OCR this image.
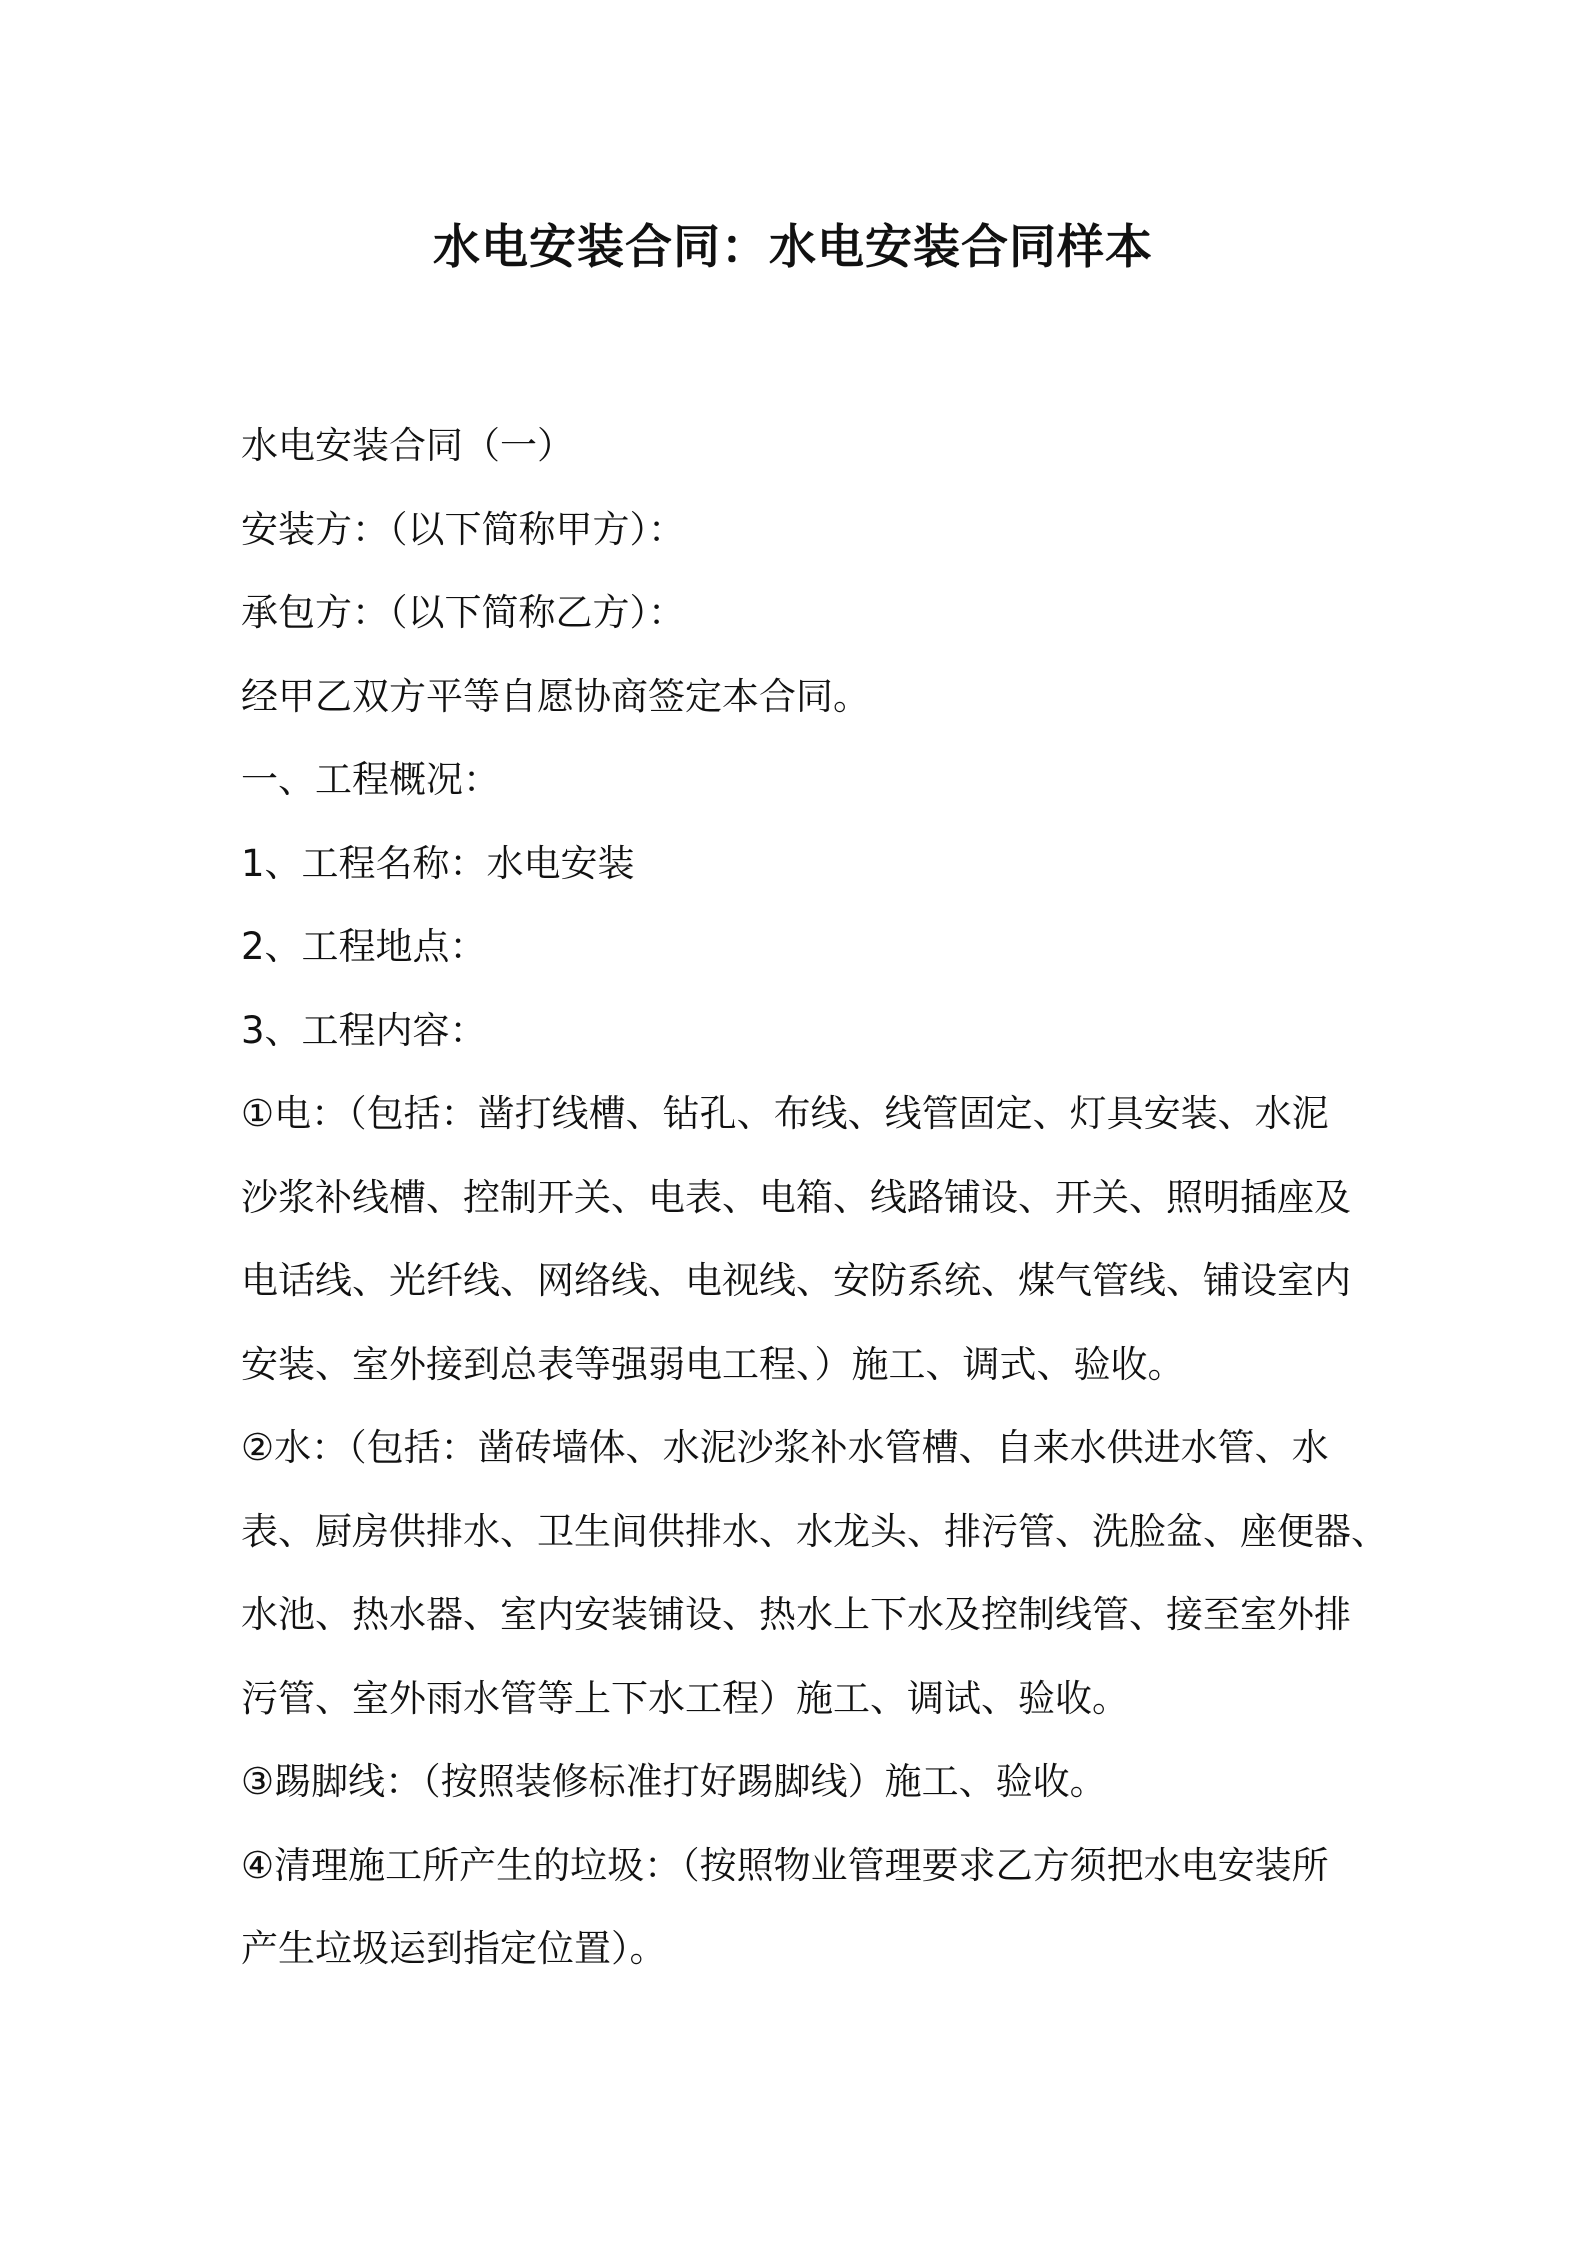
水电安装合同：水电安装合同样本

水电安装合同（一）

安装方：（以下简称甲方）：

承包方：（以下简称乙方）：

经甲乙双方平等自愿协商签定本合同。

一、工程概况：

1、工程名称：水电安装

2、工程地点：

3、工程内容：

①电：（包括：凿打线槽、钻孔、布线、线管固定、灯具安装、水泥

沙浆补线槽、控制开关、电表、电箱、线路铺设、开关、照明插座及

电话线、光纤线、网络线、电视线、安防系统、煤气管线、铺设室内

安装、室外接到总表等强弱电工程、）施工、调式、验收。

②水：（包括：凿砖墙体、水泥沙浆补水管槽、自来水供进水管、水

表、厨房供排水、卫生间供排水、水龙头、排污管、洗脸盆、座便器、

水池、热水器、室内安装铺设、热水上下水及控制线管、接至室外排

污管、室外雨水管等上下水工程）施工、调试、验收。

③踢脚线：（按照装修标准打好踢脚线）施工、验收。

④清理施工所产生的垃圾：（按照物业管理要求乙方须把水电安装所

产生垃圾运到指定位置）。
